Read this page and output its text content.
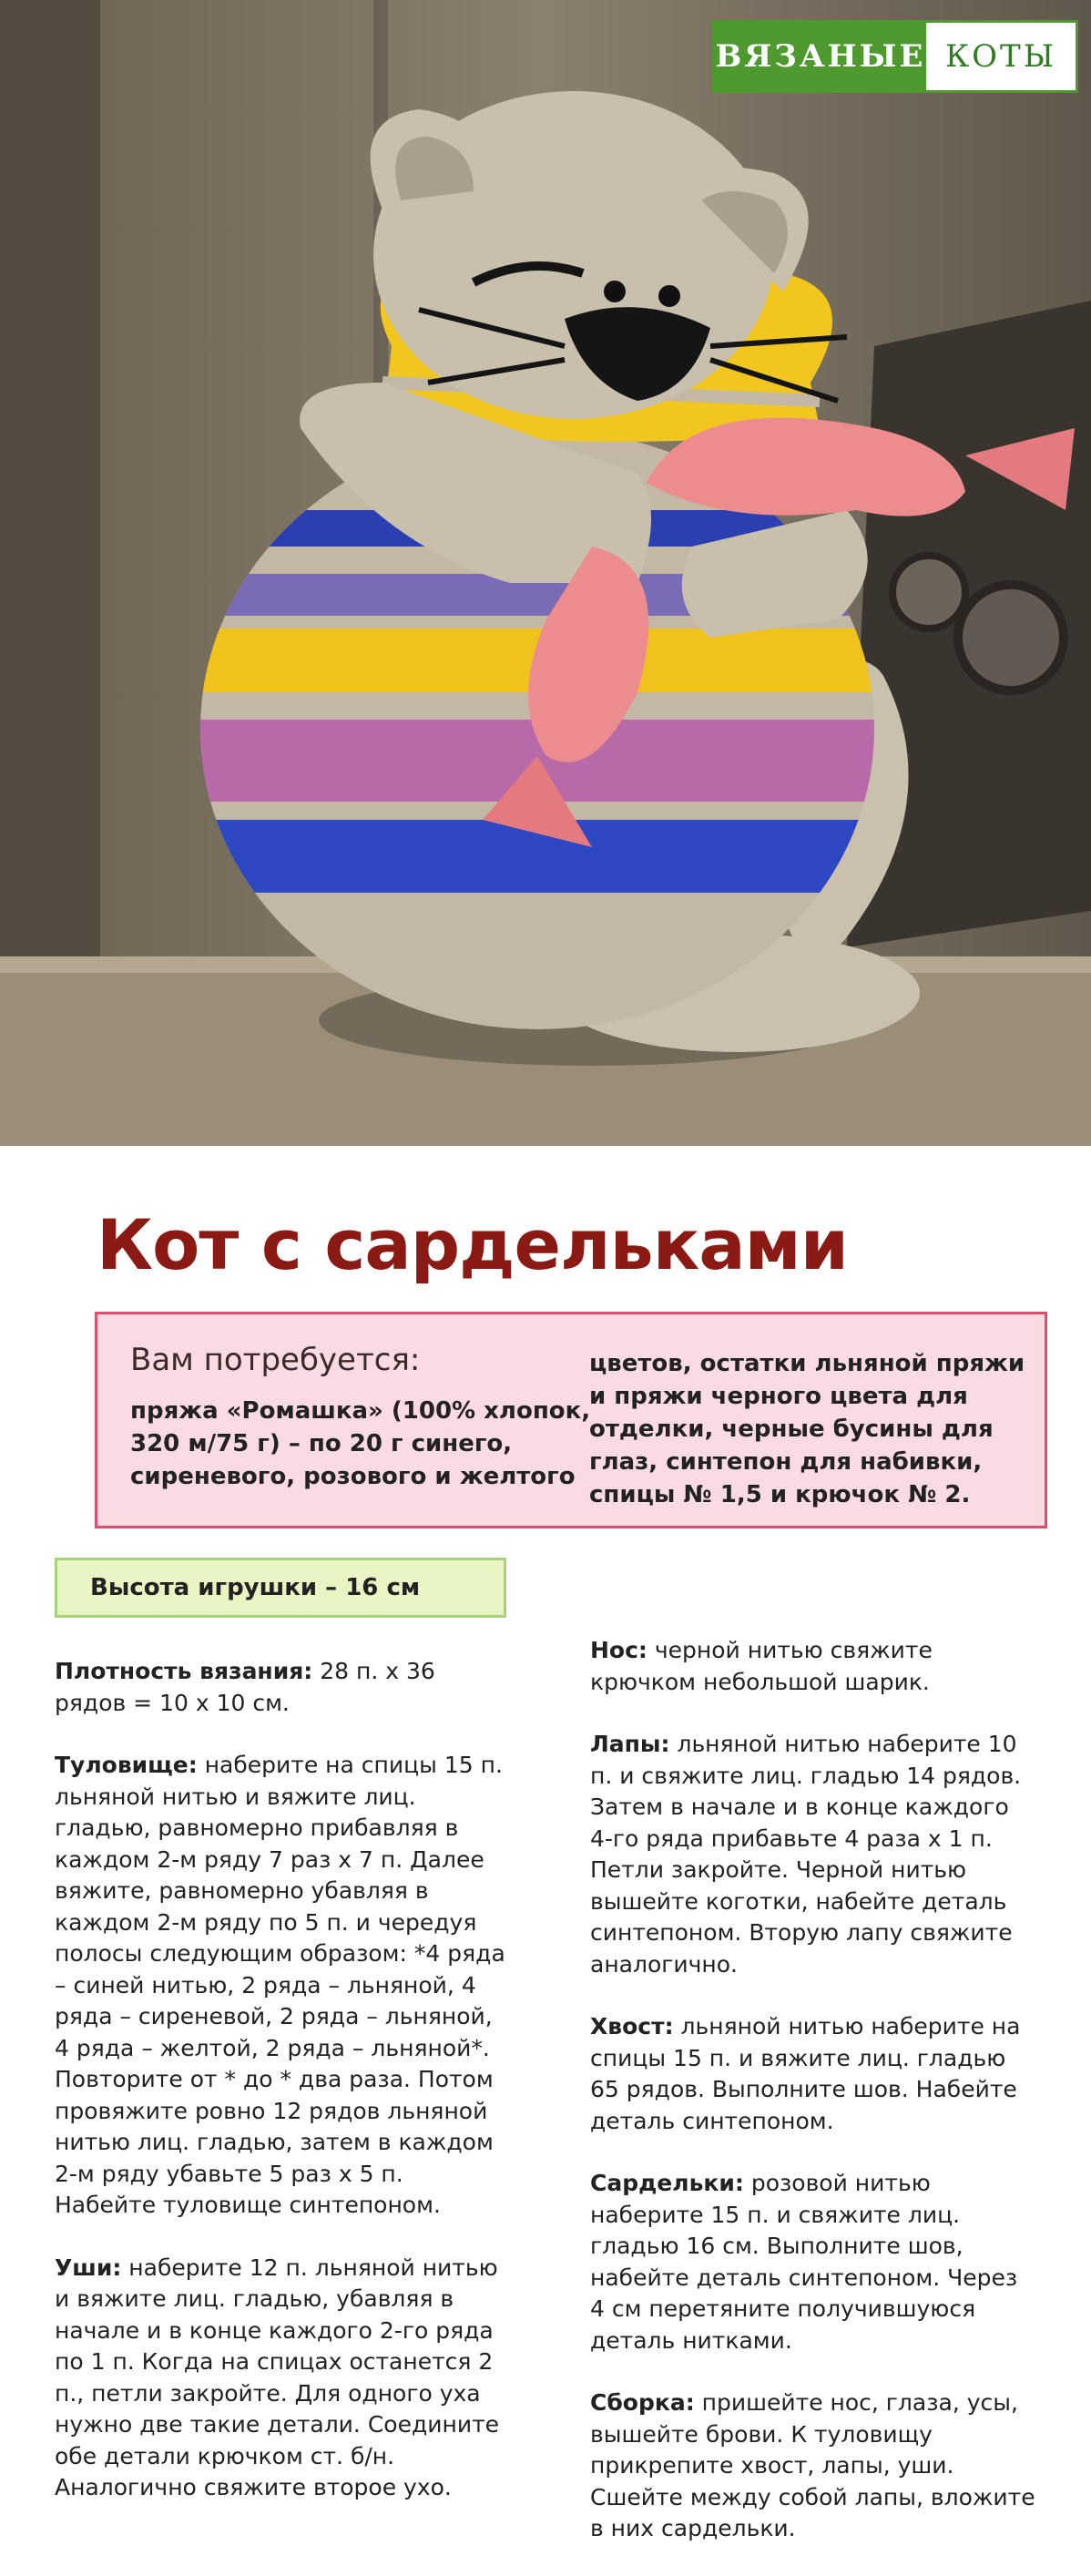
ВЯЗАНЫЕ КОТЫ
Кот с сардельками
Вам потребуется:
пряжа «Ромашка» (100% хлопок, 320 м/75 г) – по 20 г синего, сиреневого, розового и желтого
цветов, остатки льняной пряжи и пряжи черного цвета для отделки, черные бусины для глаз, синтепон для набивки, спицы № 1,5 и крючок № 2.
Высота игрушки – 16 см

Плотность вязания: 28 п. х 36 рядов = 10 х 10 см.

Туловище: наберите на спицы 15 п. льняной нитью и вяжите лиц. гладью, равномерно прибавляя в каждом 2-м ряду 7 раз х 7 п. Далее вяжите, равномерно убавляя в каждом 2-м ряду по 5 п. и чередуя полосы следующим образом: *4 ряда – синей нитью, 2 ряда – льняной, 4 ряда – сиреневой, 2 ряда – льняной, 4 ряда – желтой, 2 ряда – льняной*. Повторите от * до * два раза. Потом провяжите ровно 12 рядов льняной нитью лиц. гладью, затем в каждом 2-м ряду убавьте 5 раз х 5 п. Набейте туловище синтепоном.

Уши: наберите 12 п. льняной нитью и вяжите лиц. гладью, убавляя в начале и в конце каждого 2-го ряда по 1 п. Когда на спицах останется 2 п., петли закройте. Для одного уха нужно две такие детали. Соедините обе детали крючком ст. б/н. Аналогично свяжите второе ухо.

Нос: черной нитью свяжите крючком небольшой шарик.

Лапы: льняной нитью наберите 10 п. и свяжите лиц. гладью 14 рядов. Затем в начале и в конце каждого 4-го ряда прибавьте 4 раза х 1 п. Петли закройте. Черной нитью вышейте коготки, набейте деталь синтепоном. Вторую лапу свяжите аналогично.

Хвост: льняной нитью наберите на спицы 15 п. и вяжите лиц. гладью 65 рядов. Выполните шов. Набейте деталь синтепоном.

Сардельки: розовой нитью наберите 15 п. и свяжите лиц. гладью 16 см. Выполните шов, набейте деталь синтепоном. Через 4 см перетяните получившуюся деталь нитками.

Сборка: пришейте нос, глаза, усы, вышейте брови. К туловищу прикрепите хвост, лапы, уши. Сшейте между собой лапы, вложите в них сардельки.
